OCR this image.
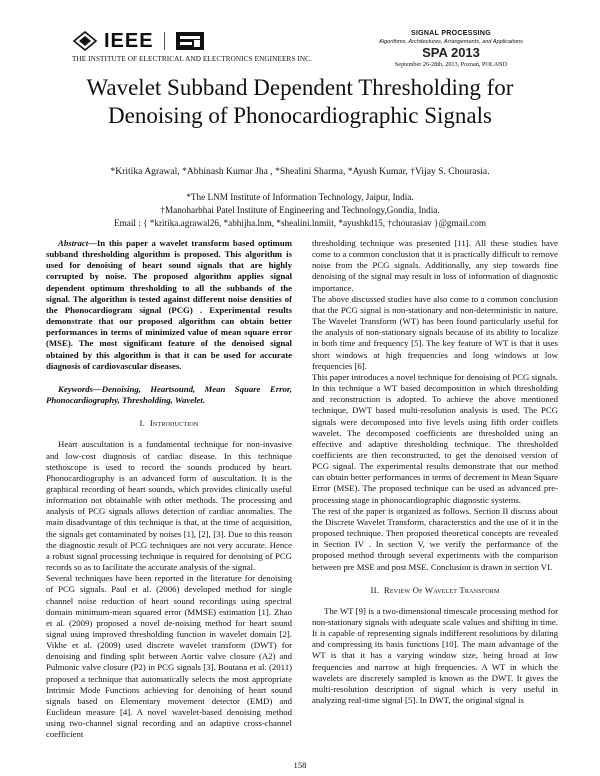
IEEE
THE INSTITUTE OF ELECTRICAL AND ELECTRONICS ENGINEERS INC.
SIGNAL PROCESSING
Algorithms, Architectures, Arrangements, and Applications
SPA 2013
September 26-28th, 2013, Poznań, POLAND
Wavelet Subband Dependent Thresholding for
Denoising of Phonocardiographic Signals
*Kritika Agrawal, *Abhinash Kumar Jha , *Shealini Sharma, *Ayush Kumar, †Vijay S. Chourasia.
*The LNM Institute of Information Technology, Jaipur, India.
†Manoharbhai Patel Institute of Engineering and Technology,Gondia, India.
Email : { *kritika.agrawal26, *abhijha.lnm, *shealini.lnmiit, *ayushkd15, †chourasiav }@gmail.com

Abstract—In this paper a wavelet transform based optimum subband thresholding algorithm is proposed. This algorithm is used for denoising of heart sound signals that are highly corrupted by noise. The proposed algorithm applies signal dependent optimum thresholding to all the subbands of the signal. The algorithm is tested against different noise densities of the Phonocardiogram signal (PCG) . Experimental results demonstrate that our proposed algorithm can obtain better performances in terms of minimized value of mean square error (MSE). The most significant feature of the denoised signal obtained by this algorithm is that it can be used for accurate diagnosis of cardiovascular diseases.

Keywords—Denoising, Heartsound, Mean Square Error, Phonocardiography, Thresholding, Wavelet.

I. Introduction

Heart auscultation is a fundamental technique for non-invasive and low-cost diagnosis of cardiac disease. In this technique stethoscope is used to record the sounds produced by heart. Phonocardiography is an advanced form of auscultation. It is the graphical recording of heart sounds, which provides clinically useful information not obtainable with other methods. The processing and analysis of PCG signals allows detection of cardiac anomalies. The main disadvantage of this technique is that, at the time of acquisition, the signals get contaminated by noises [1], [2], [3]. Due to this reason the diagnostic result of PCG techniques are not very accurate. Hence a robust signal processing technique is required for denoising of PCG records so as to facilitate the accurate analysis of the signal.

Several techniques have been reported in the literature for denoising of PCG signals. Paul et al. (2006) developed method for single channel noise reduction of heart sound recordings using spectral domain minimum-mean squared error (MMSE) estimation [1]. Zhao et al. (2009) proposed a novel de-noising method for heart sound signal using improved thresholding function in wavelet domain [2]. Vikhe et al. (2009) used discrete wavelet transform (DWT) for denoising and finding split between Aortic valve closure (A2) and Pulmonic valve closure (P2) in PCG signals [3]. Boutana et al. (2011) proposed a technique that automatically selects the most appropriate Intrinsic Mode Functions achieving for denoising of heart sound signals based on Elementary movement detector (EMD) and Euclidean measure [4]. A novel wavelet-based denoising method using two-channel signal recording and an adaptive cross-channel coefficient

thresholding technique was presented [11]. All these studies have come to a common conclusion that it is practically difficult to remove noise from the PCG signals. Additionally, any step towards fine denoising of the signal may result in loss of information of diagnostic importance.

The above discussed studies have also come to a common conclusion that the PCG signal is non-stationary and non-deterministic in nature. The Wavelet Transform (WT) has been found particularly useful for the analysis of non-stationary signals because of its ability to localize in both time and frequency [5]. The key feature of WT is that it uses short windows at high frequencies and long windows at low frequencies [6].

This paper introduces a novel technique for denoising of PCG signals. In this technique a WT based decomposition in which thresholding and reconstruction is adopted. To achieve the above mentioned technique, DWT based multi-resolution analysis is used. The PCG signals were decomposed into five levels using fifth order coiflets wavelet. The decomposed coefficients are thresholded using an effective and adaptive thresholding technique. The thresholded coefficients are then reconstructed, to get the denoised version of PCG signal. The experimental results demonstrate that our method can obtain better performances in terms of decrement in Mean Square Error (MSE). The proposed technique can be used as advanced pre-processing stage in phonocardiographic diagnostic systems.

The rest of the paper is organized as follows. Section II discuss about the Discrete Wavelet Transform, characterstics and the use of it in the proposed technique. Then proposed theoretical concepts are revealed in Section IV . In section V, we verify the performance of the proposed method through several experiments with the comparison between pre MSE and post MSE. Conclusion is drawn in section VI.

II. Review Of Wavelet Transform

The WT [9] is a two-dimensional timescale processing method for non-stationary signals with adequate scale values and shifting in time. It is capable of representing signals indifferent resolutions by dilating and compressing its basis functions [10]. The main advantage of the WT is that it has a varying window size, being broad at low frequencies and narrow at high frequencies. A WT in which the wavelets are discretely sampled is known as the DWT. It gives the multi-resolution description of signal which is very useful in analyzing real-time signal [5]. In DWT, the original signal is

158
